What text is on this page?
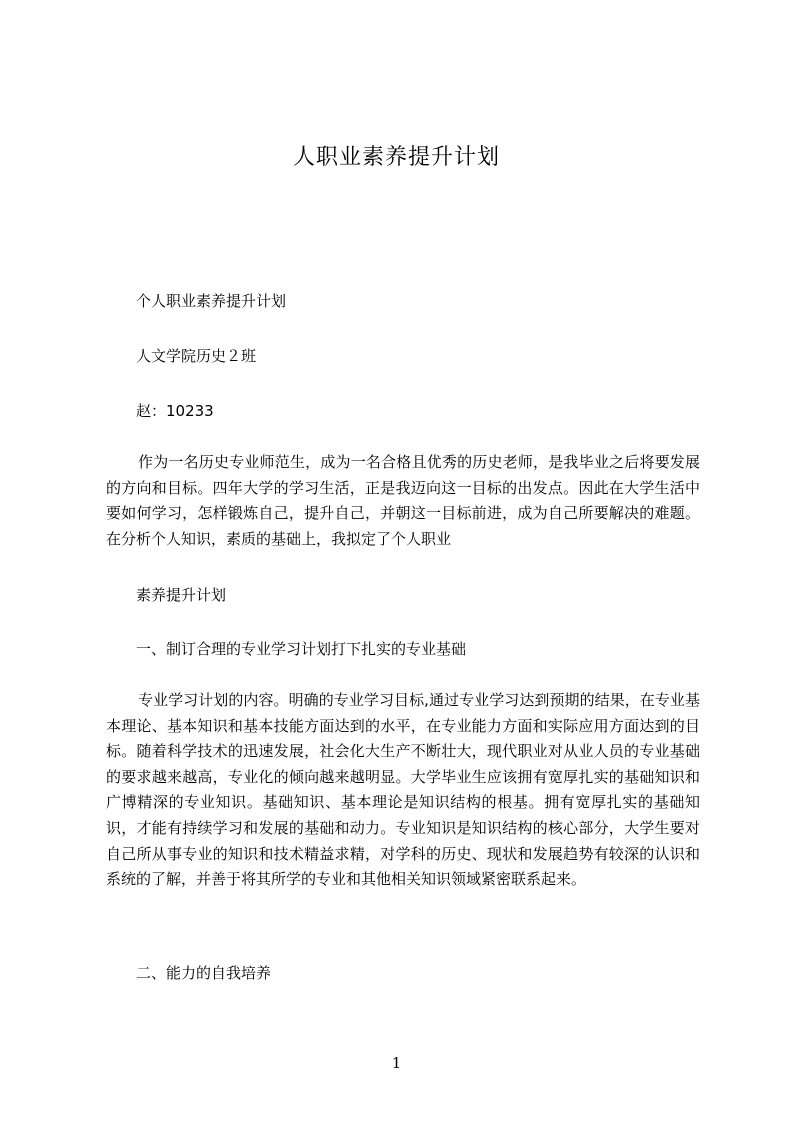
人职业素养提升计划
个人职业素养提升计划
人文学院历史２班
赵：10233
作为一名历史专业师范生，成为一名合格且优秀的历史老师，是我毕业之后将要发展的方向和目标。四年大学的学习生活，正是我迈向这一目标的出发点。因此在大学生活中要如何学习，怎样锻炼自己，提升自己，并朝这一目标前进，成为自己所要解决的难题。在分析个人知识，素质的基础上，我拟定了个人职业
素养提升计划
一、制订合理的专业学习计划打下扎实的专业基础
专业学习计划的内容。明确的专业学习目标,通过专业学习达到预期的结果，在专业基本理论、基本知识和基本技能方面达到的水平，在专业能力方面和实际应用方面达到的目标。随着科学技术的迅速发展，社会化大生产不断壮大，现代职业对从业人员的专业基础的要求越来越高，专业化的倾向越来越明显。大学毕业生应该拥有宽厚扎实的基础知识和广博精深的专业知识。基础知识、基本理论是知识结构的根基。拥有宽厚扎实的基础知识，才能有持续学习和发展的基础和动力。专业知识是知识结构的核心部分，大学生要对自己所从事专业的知识和技术精益求精，对学科的历史、现状和发展趋势有较深的认识和系统的了解，并善于将其所学的专业和其他相关知识领域紧密联系起来。
二、能力的自我培养
1
